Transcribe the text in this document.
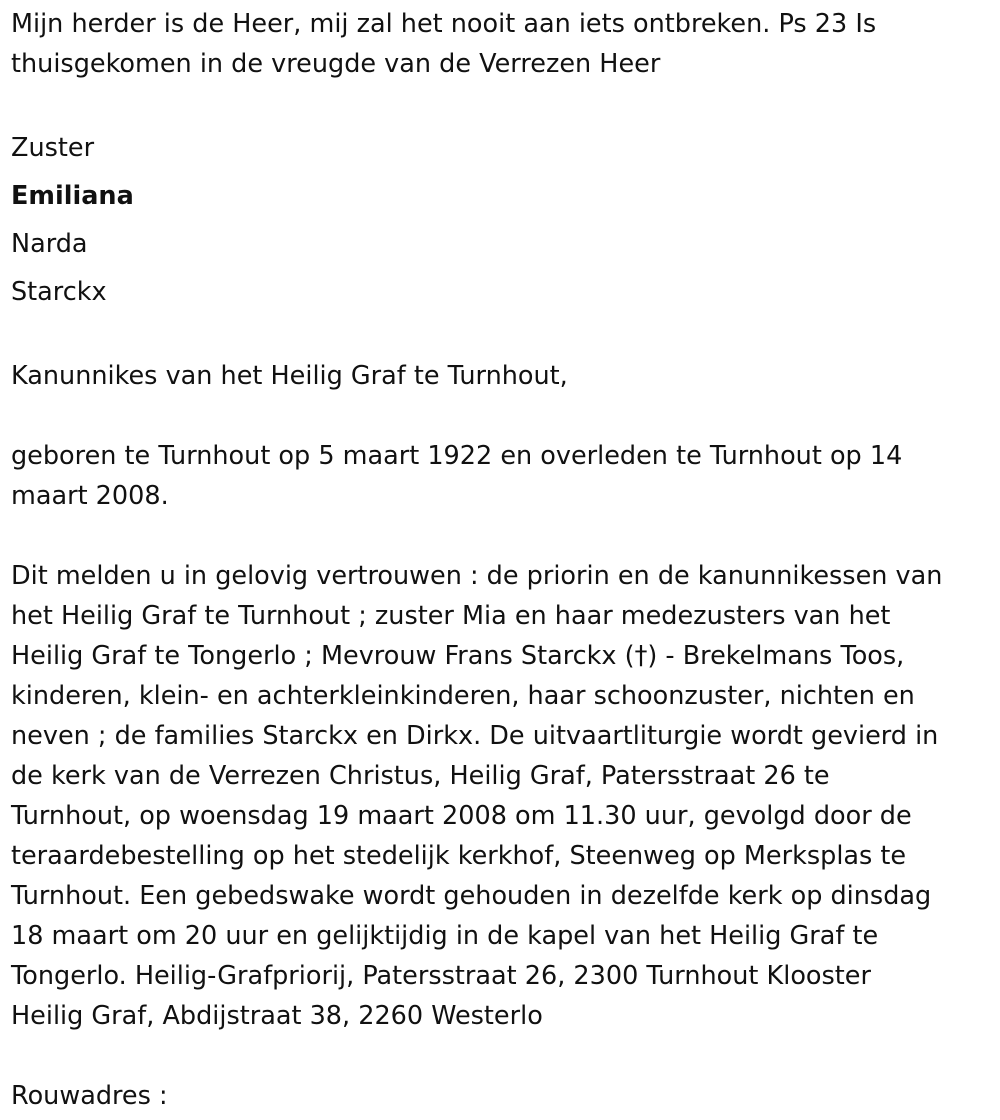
Mijn herder is de Heer, mij zal het nooit aan iets ontbreken. Ps 23 Is
thuisgekomen in de vreugde van de Verrezen Heer
Zuster
Emiliana
Narda
Starckx
Kanunnikes van het Heilig Graf te Turnhout,
geboren te Turnhout op 5 maart 1922 en overleden te Turnhout op 14
maart 2008.
Dit melden u in gelovig vertrouwen : de priorin en de kanunnikessen van
het Heilig Graf te Turnhout ; zuster Mia en haar medezusters van het
Heilig Graf te Tongerlo ; Mevrouw Frans Starckx (†) - Brekelmans Toos,
kinderen, klein- en achterkleinkinderen, haar schoonzuster, nichten en
neven ; de families Starckx en Dirkx. De uitvaartliturgie wordt gevierd in
de kerk van de Verrezen Christus, Heilig Graf, Patersstraat 26 te
Turnhout, op woensdag 19 maart 2008 om 11.30 uur, gevolgd door de
teraardebestelling op het stedelijk kerkhof, Steenweg op Merksplas te
Turnhout. Een gebedswake wordt gehouden in dezelfde kerk op dinsdag
18 maart om 20 uur en gelijktijdig in de kapel van het Heilig Graf te
Tongerlo. Heilig-Grafpriorij, Patersstraat 26, 2300 Turnhout Klooster
Heilig Graf, Abdijstraat 38, 2260 Westerlo
Rouwadres :
